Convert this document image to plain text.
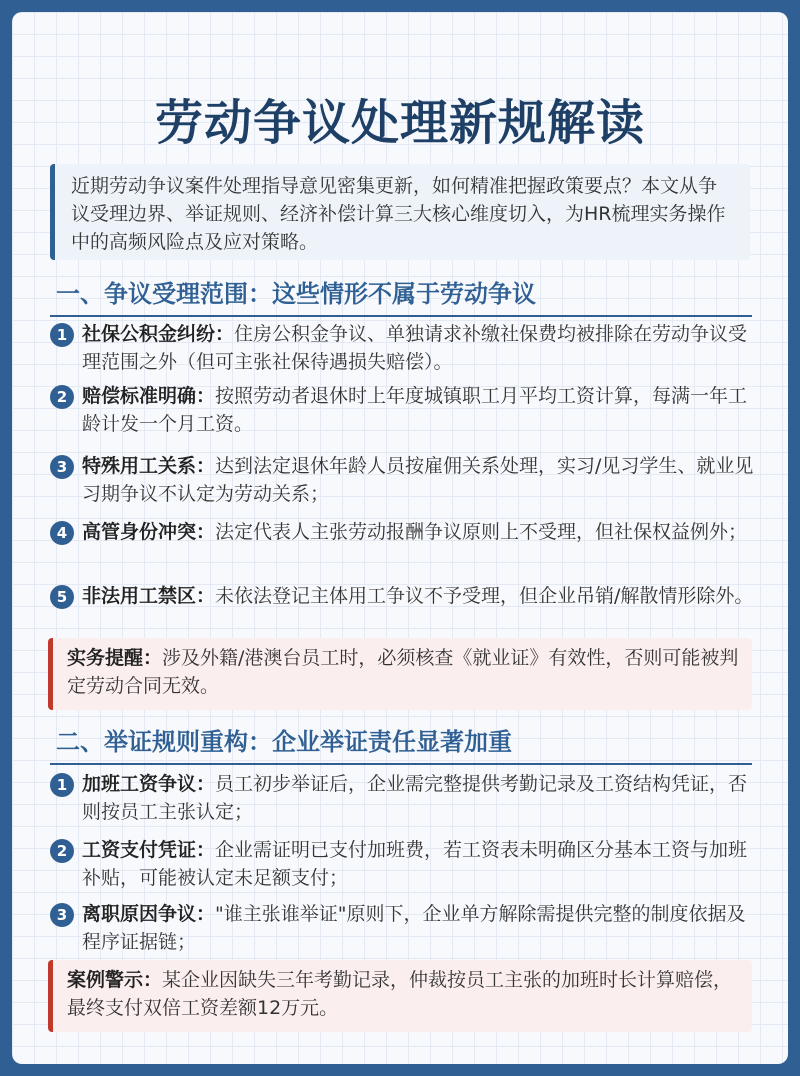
劳动争议处理新规解读
近期劳动争议案件处理指导意见密集更新，如何精准把握政策要点？本文从争议受理边界、举证规则、经济补偿计算三大核心维度切入，为HR梳理实务操作中的高频风险点及应对策略。
一、争议受理范围：这些情形不属于劳动争议
1 社保公积金纠纷：住房公积金争议、单独请求补缴社保费均被排除在劳动争议受理范围之外（但可主张社保待遇损失赔偿）。
2 赔偿标准明确：按照劳动者退休时上年度城镇职工月平均工资计算，每满一年工龄计发一个月工资。
3 特殊用工关系：达到法定退休年龄人员按雇佣关系处理，实习/见习学生、就业见习期争议不认定为劳动关系；
4 高管身份冲突：法定代表人主张劳动报酬争议原则上不受理，但社保权益例外；
5 非法用工禁区：未依法登记主体用工争议不予受理，但企业吊销/解散情形除外。
实务提醒：涉及外籍/港澳台员工时，必须核查《就业证》有效性，否则可能被判定劳动合同无效。
二、举证规则重构：企业举证责任显著加重
1 加班工资争议：员工初步举证后，企业需完整提供考勤记录及工资结构凭证，否则按员工主张认定；
2 工资支付凭证：企业需证明已支付加班费，若工资表未明确区分基本工资与加班补贴，可能被认定未足额支付；
3 离职原因争议："谁主张谁举证"原则下，企业单方解除需提供完整的制度依据及程序证据链；
案例警示：某企业因缺失三年考勤记录，仲裁按员工主张的加班时长计算赔偿，最终支付双倍工资差额12万元。
